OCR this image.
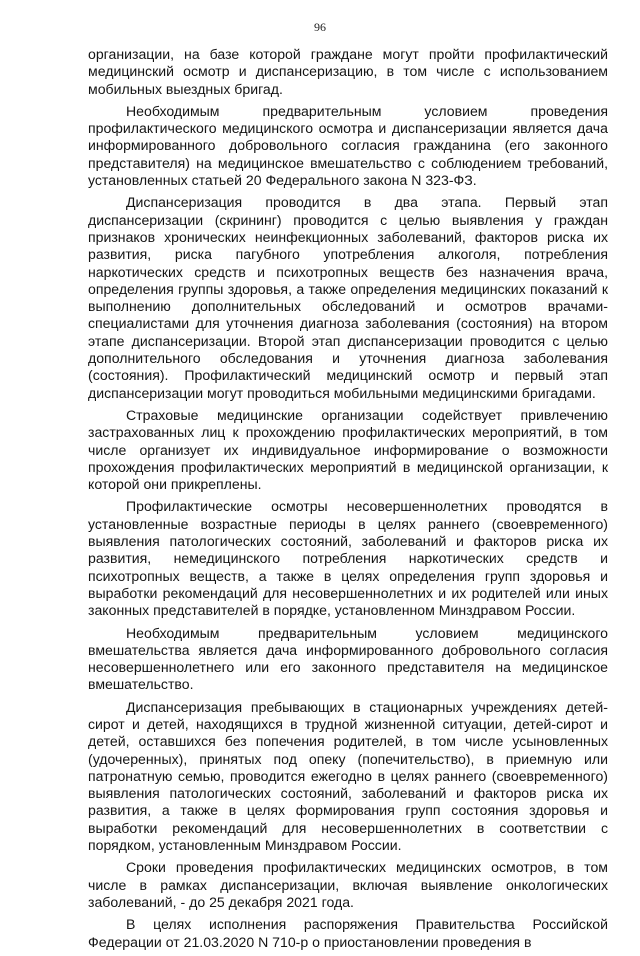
96

организации, на базе которой граждане могут пройти профилактический медицинский осмотр и диспансеризацию, в том числе с использованием мобильных выездных бригад.

Необходимым предварительным условием проведения профилактического медицинского осмотра и диспансеризации является дача информированного добровольного согласия гражданина (его законного представителя) на медицинское вмешательство с соблюдением требований, установленных статьей 20 Федерального закона N 323-ФЗ.

Диспансеризация проводится в два этапа. Первый этап диспансеризации (скрининг) проводится с целью выявления у граждан признаков хронических неинфекционных заболеваний, факторов риска их развития, риска пагубного употребления алкоголя, потребления наркотических средств и психотропных веществ без назначения врача, определения группы здоровья, а также определения медицинских показаний к выполнению дополнительных обследований и осмотров врачами-специалистами для уточнения диагноза заболевания (состояния) на втором этапе диспансеризации. Второй этап диспансеризации проводится с целью дополнительного обследования и уточнения диагноза заболевания (состояния). Профилактический медицинский осмотр и первый этап диспансеризации могут проводиться мобильными медицинскими бригадами.

Страховые медицинские организации содействует привлечению застрахованных лиц к прохождению профилактических мероприятий, в том числе организует их индивидуальное информирование о возможности прохождения профилактических мероприятий в медицинской организации, к которой они прикреплены.

Профилактические осмотры несовершеннолетних проводятся в установленные возрастные периоды в целях раннего (своевременного) выявления патологических состояний, заболеваний и факторов риска их развития, немедицинского потребления наркотических средств и психотропных веществ, а также в целях определения групп здоровья и выработки рекомендаций для несовершеннолетних и их родителей или иных законных представителей в порядке, установленном Минздравом России.

Необходимым предварительным условием медицинского вмешательства является дача информированного добровольного согласия несовершеннолетнего или его законного представителя на медицинское вмешательство.

Диспансеризация пребывающих в стационарных учреждениях детей-сирот и детей, находящихся в трудной жизненной ситуации, детей-сирот и детей, оставшихся без попечения родителей, в том числе усыновленных (удочеренных), принятых под опеку (попечительство), в приемную или патронатную семью, проводится ежегодно в целях раннего (своевременного) выявления патологических состояний, заболеваний и факторов риска их развития, а также в целях формирования групп состояния здоровья и выработки рекомендаций для несовершеннолетних в соответствии с порядком, установленным Минздравом России.

Сроки проведения профилактических медицинских осмотров, в том числе в рамках диспансеризации, включая выявление онкологических заболеваний, - до 25 декабря 2021 года.

В целях исполнения распоряжения Правительства Российской Федерации от 21.03.2020 N 710-р о приостановлении проведения в
